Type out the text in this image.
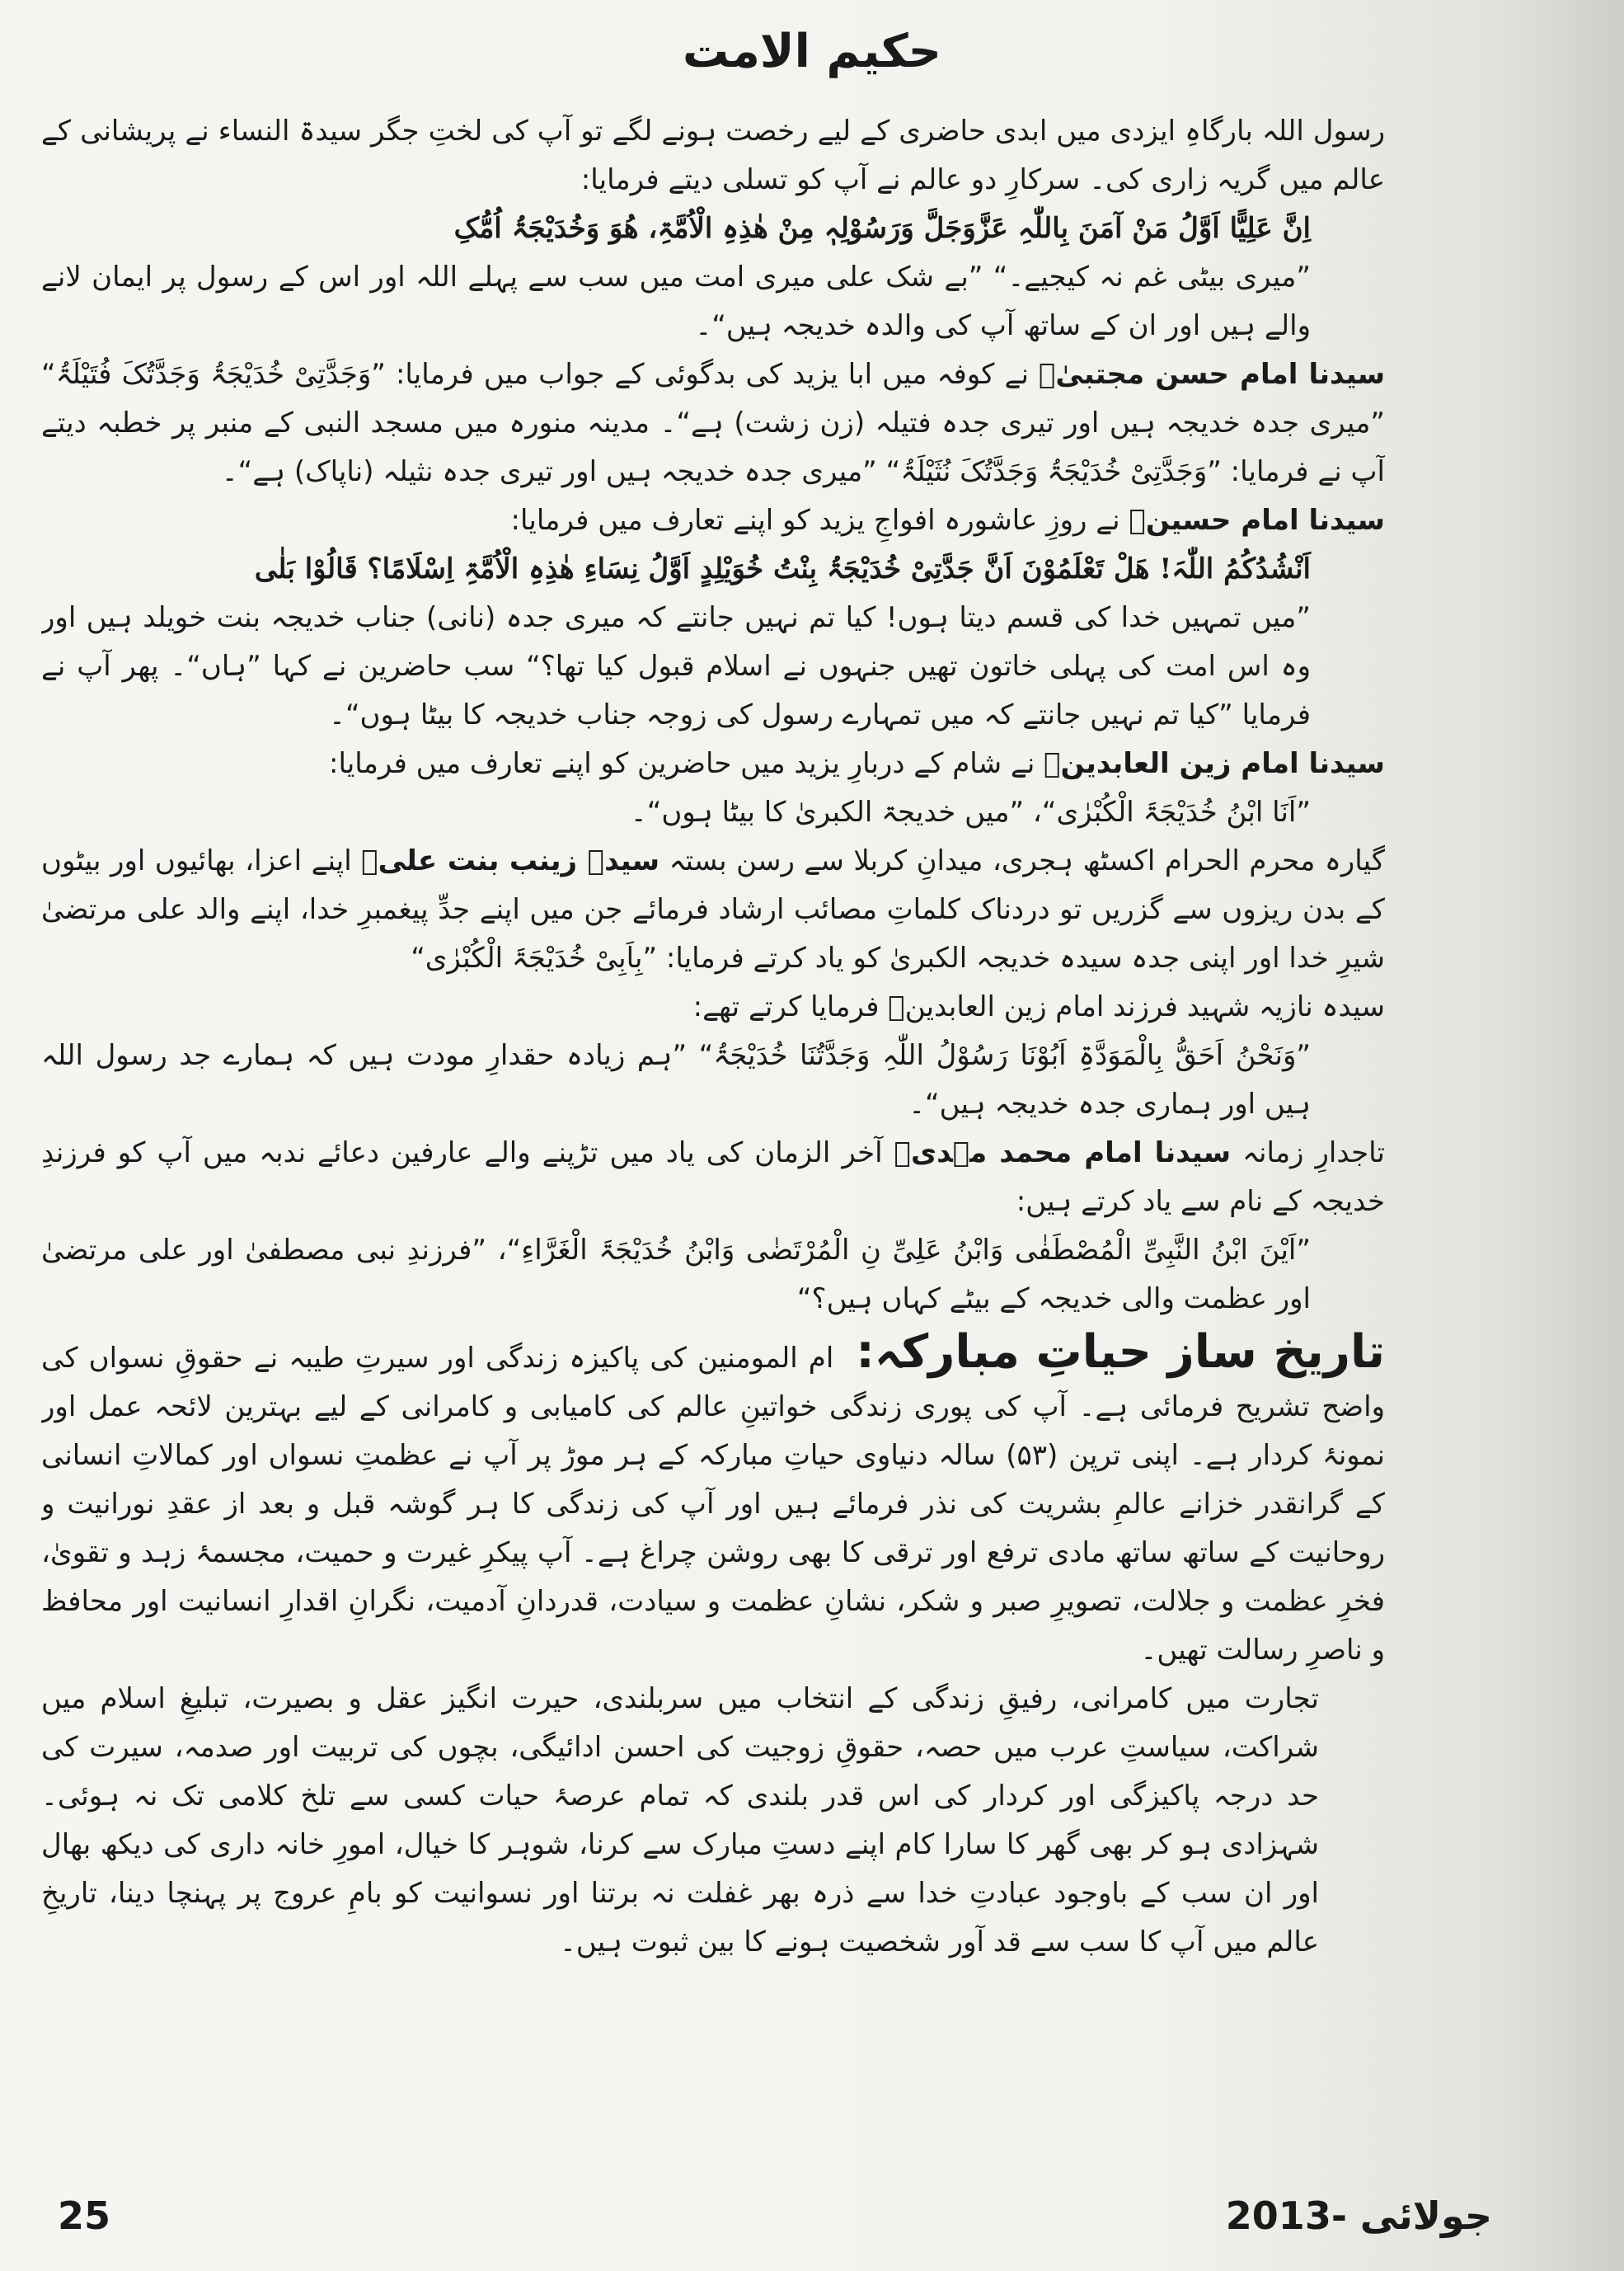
حکیم الامت

رسول اللہ بارگاہِ ایزدی میں ابدی حاضری کے لیے رخصت ہونے لگے تو آپ کی لختِ جگر سیدۃ النساء نے پریشانی کے عالم میں گریہ زاری کی۔ سرکارِ دو عالم نے آپ کو تسلی دیتے فرمایا:

اِنَّ عَلِیًّا اَوَّلُ مَنْ آمَنَ بِاللّٰہِ عَزَّوَجَلَّ وَرَسُوْلِہٖ مِنْ ھٰذِہِ الْاُمَّۃِ، ھُوَ وَخُدَیْجَۃُ اُمُّکِ

”میری بیٹی غم نہ کیجیے۔“ ”بے شک علی میری امت میں سب سے پہلے اللہ اور اس کے رسول پر ایمان لانے والے ہیں اور ان کے ساتھ آپ کی والدہ خدیجہ ہیں“۔

سیدنا امام حسن مجتبیٰؑ نے کوفہ میں ابا یزید کی بدگوئی کے جواب میں فرمایا: ”وَجَدَّتِیْ خُدَیْجَۃُ وَجَدَّتُکَ فُتَیْلَۃُ“ ”میری جدہ خدیجہ ہیں اور تیری جدہ فتیلہ (زن زشت) ہے“۔ مدینہ منورہ میں مسجد النبی کے منبر پر خطبہ دیتے آپ نے فرمایا: ”وَجَدَّتِیْ خُدَیْجَۃُ وَجَدَّتُکَ نُثَیْلَۃُ“ ”میری جدہ خدیجہ ہیں اور تیری جدہ نثیلہ (ناپاک) ہے“۔

سیدنا امام حسینؑ نے روزِ عاشورہ افواجِ یزید کو اپنے تعارف میں فرمایا:

اَنْشُدُکُمُ اللّٰہَ! ھَلْ تَعْلَمُوْنَ اَنَّ جَدَّتِیْ خُدَیْجَۃُ بِنْتُ خُوَیْلِدٍ اَوَّلُ نِسَاءِ ھٰذِہِ الْاُمَّۃِ اِسْلَامًا؟ قَالُوْا بَلٰی

”میں تمہیں خدا کی قسم دیتا ہوں! کیا تم نہیں جانتے کہ میری جدہ (نانی) جناب خدیجہ بنت خویلد ہیں اور وہ اس امت کی پہلی خاتون تھیں جنہوں نے اسلام قبول کیا تھا؟“ سب حاضرین نے کہا ”ہاں“۔ پھر آپ نے فرمایا ”کیا تم نہیں جانتے کہ میں تمہارے رسول کی زوجہ جناب خدیجہ کا بیٹا ہوں“۔

سیدنا امام زین العابدینؑ نے شام کے دربارِ یزید میں حاضرین کو اپنے تعارف میں فرمایا:

”اَنَا ابْنُ خُدَیْجَۃَ الْکُبْرٰی“، ”میں خدیجۃ الکبریٰ کا بیٹا ہوں“۔

گیارہ محرم الحرام اکسٹھ ہجری، میدانِ کربلا سے رسن بستہ سیدہ زینب بنت علیؑ اپنے اعزا، بھائیوں اور بیٹوں کے بدن ریزوں سے گزریں تو دردناک کلماتِ مصائب ارشاد فرمائے جن میں اپنے جدِّ پیغمبرِ خدا، اپنے والد علی مرتضیٰ شیرِ خدا اور اپنی جدہ سیدہ خدیجہ الکبریٰ کو یاد کرتے فرمایا: ”بِاَبِیْ خُدَیْجَۃَ الْکُبْرٰی“

سیدہ نازیہ شہید فرزند امام زین العابدینؑ فرمایا کرتے تھے:

”وَنَحْنُ اَحَقُّ بِالْمَوَدَّۃِ اَبُوْنَا رَسُوْلُ اللّٰہِ وَجَدَّتُنَا خُدَیْجَۃُ“ ”ہم زیادہ حقدارِ مودت ہیں کہ ہمارے جد رسول اللہ ہیں اور ہماری جدہ خدیجہ ہیں“۔

تاجدارِ زمانہ سیدنا امام محمد مہدیؑ آخر الزمان کی یاد میں تڑپنے والے عارفین دعائے ندبہ میں آپ کو فرزندِ خدیجہ کے نام سے یاد کرتے ہیں:

”اَیْنَ ابْنُ النَّبِیِّ الْمُصْطَفٰی وَابْنُ عَلِیِّ نِ الْمُرْتَضٰی وَابْنُ خُدَیْجَۃَ الْغَرَّاءِ“، ”فرزندِ نبی مصطفیٰ اور علی مرتضیٰ اور عظمت والی خدیجہ کے بیٹے کہاں ہیں؟“

تاریخ ساز حیاتِ مبارکہ: ام المومنین کی پاکیزہ زندگی اور سیرتِ طیبہ نے حقوقِ نسواں کی واضح تشریح فرمائی ہے۔ آپ کی پوری زندگی خواتینِ عالم کی کامیابی و کامرانی کے لیے بہترین لائحہ عمل اور نمونۂ کردار ہے۔ اپنی ترپن (۵۳) سالہ دنیاوی حیاتِ مبارکہ کے ہر موڑ پر آپ نے عظمتِ نسواں اور کمالاتِ انسانی کے گرانقدر خزانے عالمِ بشریت کی نذر فرمائے ہیں اور آپ کی زندگی کا ہر گوشہ قبل و بعد از عقدِ نورانیت و روحانیت کے ساتھ ساتھ مادی ترفع اور ترقی کا بھی روشن چراغ ہے۔ آپ پیکرِ غیرت و حمیت، مجسمۂ زہد و تقویٰ، فخرِ عظمت و جلالت، تصویرِ صبر و شکر، نشانِ عظمت و سیادت، قدردانِ آدمیت، نگرانِ اقدارِ انسانیت اور محافظ و ناصرِ رسالت تھیں۔

تجارت میں کامرانی، رفیقِ زندگی کے انتخاب میں سربلندی، حیرت انگیز عقل و بصیرت، تبلیغِ اسلام میں شراکت، سیاستِ عرب میں حصہ، حقوقِ زوجیت کی احسن ادائیگی، بچوں کی تربیت اور صدمہ، سیرت کی حد درجہ پاکیزگی اور کردار کی اس قدر بلندی کہ تمام عرصۂ حیات کسی سے تلخ کلامی تک نہ ہوئی۔ شہزادی ہو کر بھی گھر کا سارا کام اپنے دستِ مبارک سے کرنا، شوہر کا خیال، امورِ خانہ داری کی دیکھ بھال اور ان سب کے باوجود عبادتِ خدا سے ذرہ بھر غفلت نہ برتنا اور نسوانیت کو بامِ عروج پر پہنچا دینا، تاریخِ عالم میں آپ کا سب سے قد آور شخصیت ہونے کا بین ثبوت ہیں۔

جولائی -2013
25
